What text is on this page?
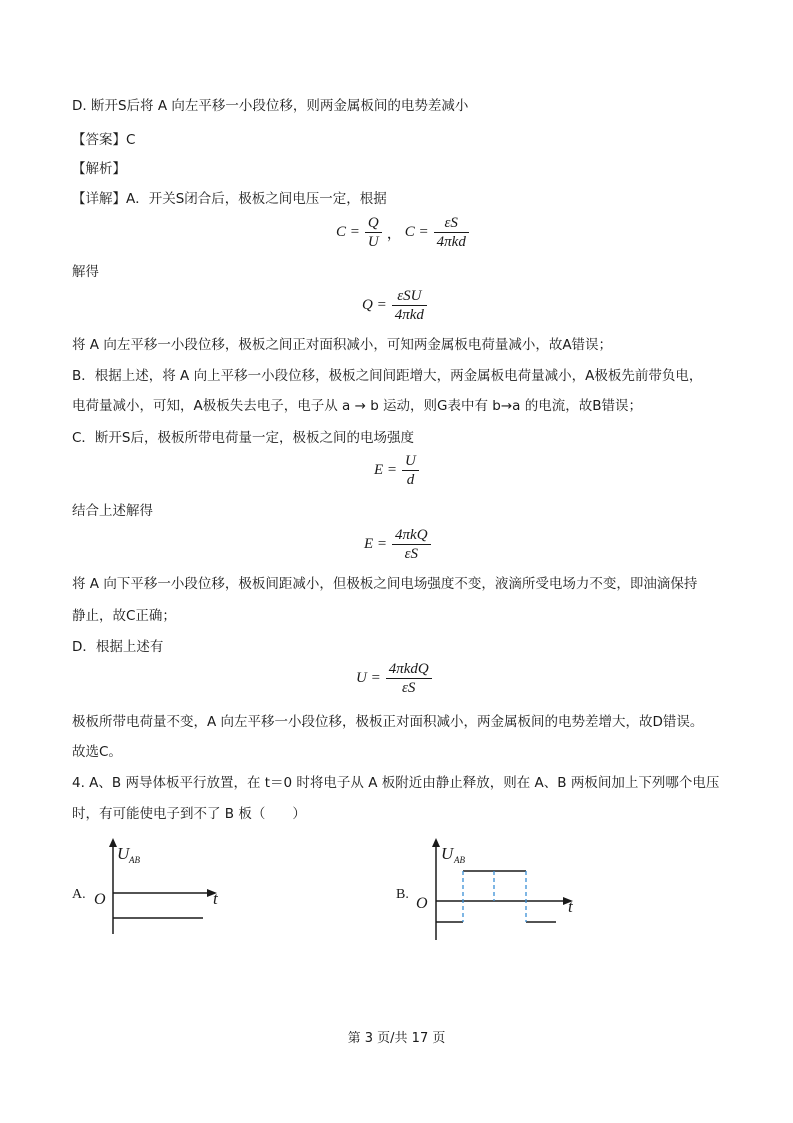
D. 断开S后将 A 向左平移一小段位移，则两金属板间的电势差减小
【答案】C
【解析】
【详解】A．开关S闭合后，极板之间电压一定，根据
$C = \frac{Q}{U}$ ， $C = \frac{\varepsilon S}{\text{4πkd}}$
解得
$Q = \frac{\text{εSU}}{\text{4πkd}}$
将 A 向左平移一小段位移，极板之间正对面积减小，可知两金属板电荷量减小，故A错误；
B．根据上述，将 A 向上平移一小段位移，极板之间间距增大，两金属板电荷量减小，A极板先前带负电，
电荷量减小，可知，A极板失去电子，电子从 a → b 运动，则G表中有 b→a 的电流，故B错误；
C．断开S后，极板所带电荷量一定，极板之间的电场强度
$E = \frac{U}{d}$
结合上述解得
$E = \frac{\text{4πkQ}}{\varepsilon S}$
将 A 向下平移一小段位移，极板间距减小，但极板之间电场强度不变，液滴所受电场力不变，即油滴保持
静止，故C正确；
D．根据上述有
$U = \frac{\text{4πkdQ}}{\varepsilon S}$
极板所带电荷量不变，A 向左平移一小段位移，极板正对面积减小，两金属板间的电势差增大，故D错误。
故选C。
4. A、B 两导体板平行放置，在 t＝0 时将电子从 A 板附近由静止释放，则在 A、B 两板间加上下列哪个电压
时，有可能使电子到不了 B 板（　　）
A.
U AB
O	t	B.
U AB
O	t
第 3 页/共 17 页
